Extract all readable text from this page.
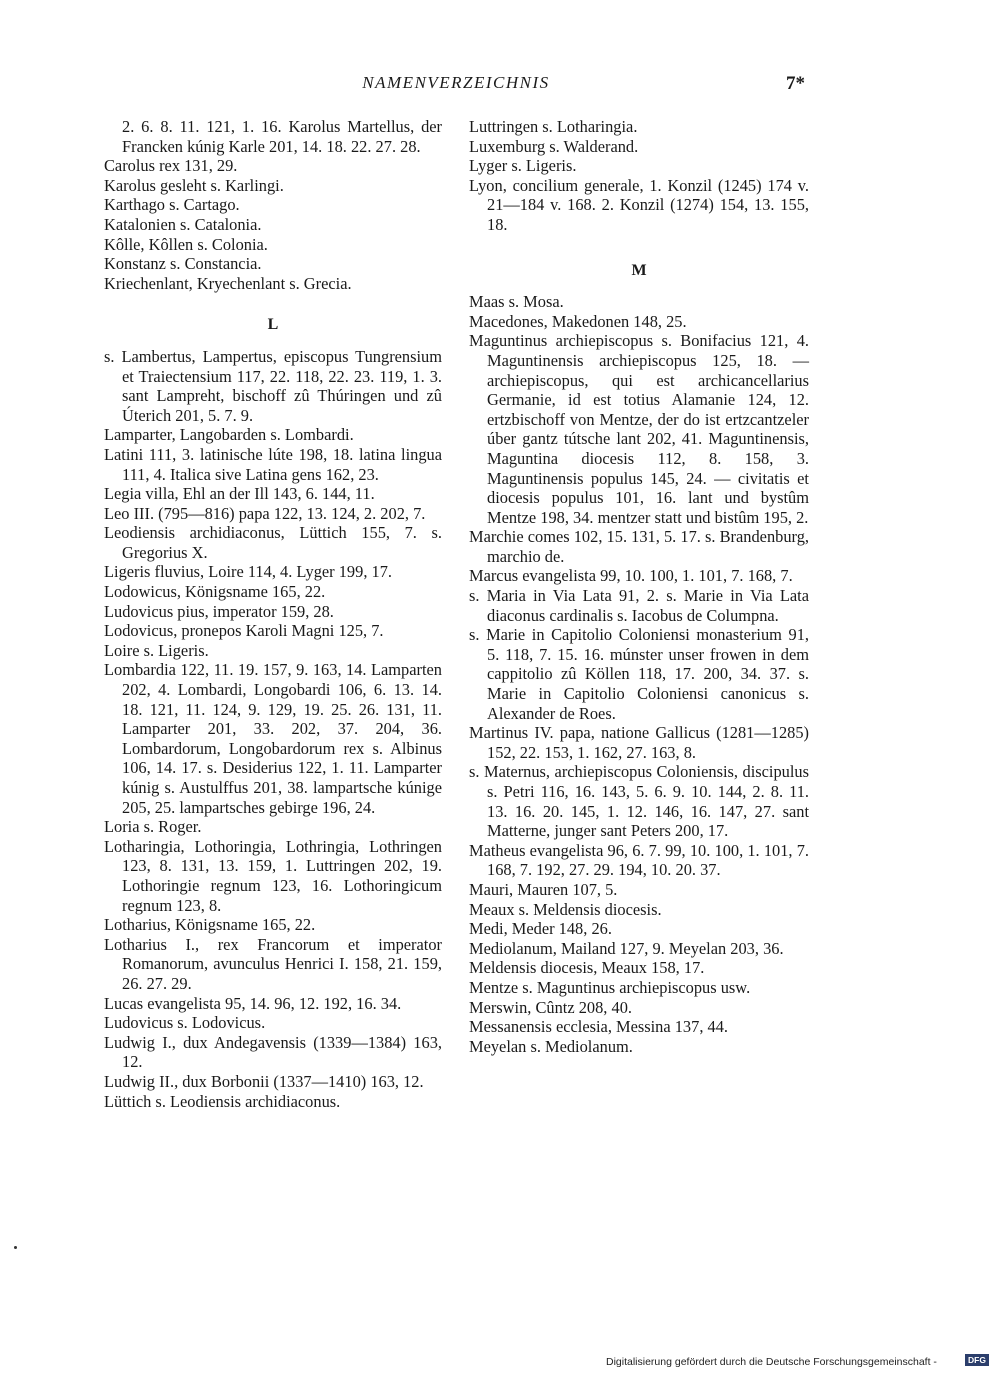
NAMENVERZEICHNIS	7*

2. 6. 8. 11. 121, 1. 16. Karolus Martellus, der Francken kúnig Karle 201, 14. 18. 22. 27. 28.

Carolus rex 131, 29.

Karolus gesleht s. Karlingi.

Karthago s. Cartago.

Katalonien s. Catalonia.

Kôlle, Kôllen s. Colonia.

Konstanz s. Constancia.

Kriechenlant, Kryechenlant s. Grecia.

L

s. Lambertus, Lampertus, episcopus Tungrensium et Traiectensium 117, 22. 118, 22. 23. 119, 1. 3. sant Lampreht, bischoff zû Thúringen und zû Úterich 201, 5. 7. 9.

Lamparter, Langobarden s. Lombardi.

Latini 111, 3. latinische lúte 198, 18. latina lingua 111, 4. Italica sive Latina gens 162, 23.

Legia villa, Ehl an der Ill 143, 6. 144, 11.

Leo III. (795—816) papa 122, 13. 124, 2. 202, 7.

Leodiensis archidiaconus, Lüttich 155, 7. s. Gregorius X.

Ligeris fluvius, Loire 114, 4. Lyger 199, 17.

Lodowicus, Königsname 165, 22.

Ludovicus pius, imperator 159, 28.

Lodovicus, pronepos Karoli Magni 125, 7.

Loire s. Ligeris.

Lombardia 122, 11. 19. 157, 9. 163, 14. Lamparten 202, 4. Lombardi, Longobardi 106, 6. 13. 14. 18. 121, 11. 124, 9. 129, 19. 25. 26. 131, 11. Lamparter 201, 33. 202, 37. 204, 36. Lombardorum, Longobardorum rex s. Albinus 106, 14. 17. s. Desiderius 122, 1. 11. Lamparter kúnig s. Austulffus 201, 38. lampartsche kúnige 205, 25. lampartsches gebirge 196, 24.

Loria s. Roger.

Lotharingia, Lothoringia, Lothringia, Lothringen 123, 8. 131, 13. 159, 1. Luttringen 202, 19. Lothoringie regnum 123, 16. Lothoringicum regnum 123, 8.

Lotharius, Königsname 165, 22.

Lotharius I., rex Francorum et imperator Romanorum, avunculus Henrici I. 158, 21. 159, 26. 27. 29.

Lucas evangelista 95, 14. 96, 12. 192, 16. 34.

Ludovicus s. Lodovicus.

Ludwig I., dux Andegavensis (1339—1384) 163, 12.

Ludwig II., dux Borbonii (1337—1410) 163, 12.

Lüttich s. Leodiensis archidiaconus.

Luttringen s. Lotharingia.

Luxemburg s. Walderand.

Lyger s. Ligeris.

Lyon, concilium generale, 1. Konzil (1245) 174 v. 21—184 v. 168. 2. Konzil (1274) 154, 13. 155, 18.

M

Maas s. Mosa.

Macedones, Makedonen 148, 25.

Maguntinus archiepiscopus s. Bonifacius 121, 4. Maguntinensis archiepiscopus 125, 18. — archiepiscopus, qui est archicancellarius Germanie, id est totius Alamanie 124, 12. ertzbischoff von Mentze, der do ist ertzcantzeler úber gantz tútsche lant 202, 41. Maguntinensis, Maguntina diocesis 112, 8. 158, 3. Maguntinensis populus 145, 24. — civitatis et diocesis populus 101, 16. lant und bystûm Mentze 198, 34. mentzer statt und bistûm 195, 2.

Marchie comes 102, 15. 131, 5. 17. s. Brandenburg, marchio de.

Marcus evangelista 99, 10. 100, 1. 101, 7. 168, 7.

s. Maria in Via Lata 91, 2. s. Marie in Via Lata diaconus cardinalis s. Iacobus de Columpna.

s. Marie in Capitolio Coloniensi monasterium 91, 5. 118, 7. 15. 16. múnster unser frowen in dem cappitolio zû Köllen 118, 17. 200, 34. 37. s. Marie in Capitolio Coloniensi canonicus s. Alexander de Roes.

Martinus IV. papa, natione Gallicus (1281—1285) 152, 22. 153, 1. 162, 27. 163, 8.

s. Maternus, archiepiscopus Coloniensis, discipulus s. Petri 116, 16. 143, 5. 6. 9. 10. 144, 2. 8. 11. 13. 16. 20. 145, 1. 12. 146, 16. 147, 27. sant Matterne, junger sant Peters 200, 17.

Matheus evangelista 96, 6. 7. 99, 10. 100, 1. 101, 7. 168, 7. 192, 27. 29. 194, 10. 20. 37.

Mauri, Mauren 107, 5.

Meaux s. Meldensis diocesis.

Medi, Meder 148, 26.

Mediolanum, Mailand 127, 9. Meyelan 203, 36.

Meldensis diocesis, Meaux 158, 17.

Mentze s. Maguntinus archiepiscopus usw.

Merswin, Cûntz 208, 40.

Messanensis ecclesia, Messina 137, 44.

Meyelan s. Mediolanum.

Digitalisierung gefördert durch die Deutsche Forschungsgemeinschaft -	DFG
